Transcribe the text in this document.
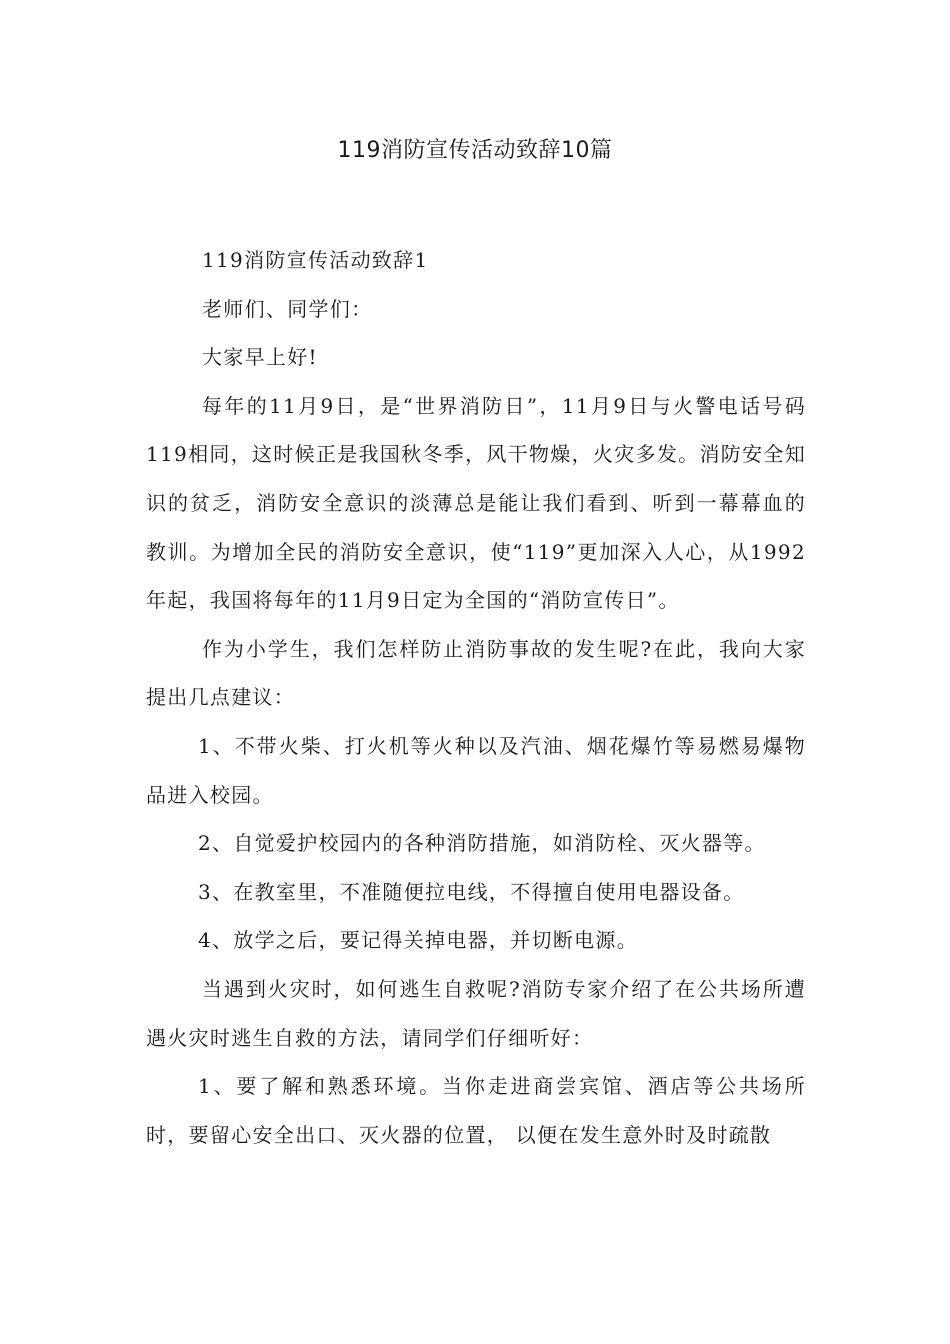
119消防宣传活动致辞10篇

119消防宣传活动致辞1

老师们、同学们：

大家早上好!

每年的11月9日，是“世界消防日”，11月9日与火警电话号码119相同，这时候正是我国秋冬季，风干物燥，火灾多发。消防安全知识的贫乏，消防安全意识的淡薄总是能让我们看到、听到一幕幕血的教训。为增加全民的消防安全意识，使“119”更加深入人心，从1992年起，我国将每年的11月9日定为全国的“消防宣传日”。

作为小学生，我们怎样防止消防事故的发生呢?在此，我向大家提出几点建议：

1、不带火柴、打火机等火种以及汽油、烟花爆竹等易燃易爆物品进入校园。

2、自觉爱护校园内的各种消防措施，如消防栓、灭火器等。

3、在教室里，不准随便拉电线，不得擅自使用电器设备。

4、放学之后，要记得关掉电器，并切断电源。

当遇到火灾时，如何逃生自救呢?消防专家介绍了在公共场所遭遇火灾时逃生自救的方法，请同学们仔细听好：

1、要了解和熟悉环境。当你走进商尝宾馆、酒店等公共场所时，要留心安全出口、灭火器的位置， 以便在发生意外时及时疏散
